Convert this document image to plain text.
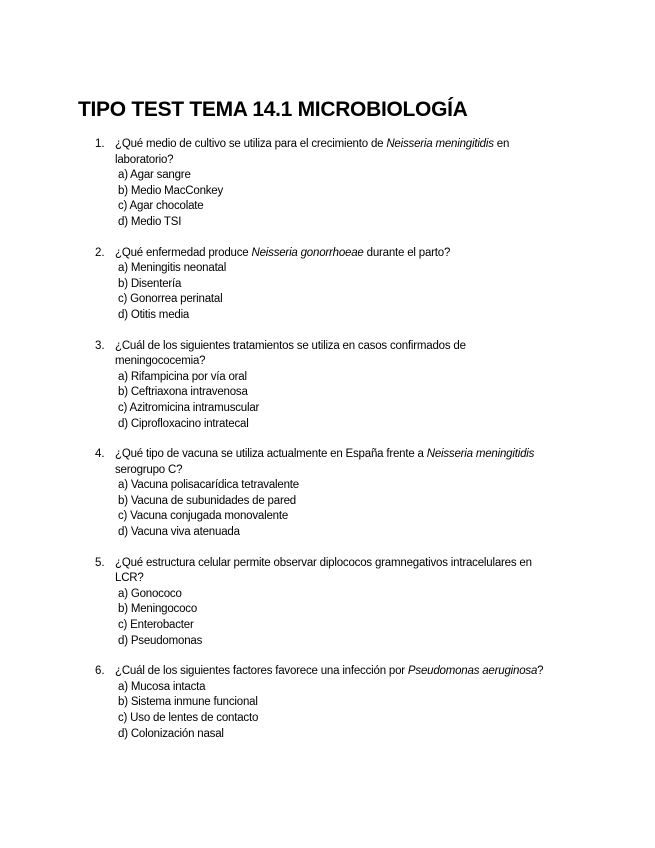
TIPO TEST TEMA 14.1 MICROBIOLOGÍA
1. ¿Qué medio de cultivo se utiliza para el crecimiento de Neisseria meningitidis en laboratorio?
a) Agar sangre
b) Medio MacConkey
c) Agar chocolate
d) Medio TSI
2. ¿Qué enfermedad produce Neisseria gonorrhoeae durante el parto?
a) Meningitis neonatal
b) Disentería
c) Gonorrea perinatal
d) Otitis media
3. ¿Cuál de los siguientes tratamientos se utiliza en casos confirmados de meningococemia?
a) Rifampicina por vía oral
b) Ceftriaxona intravenosa
c) Azitromicina intramuscular
d) Ciprofloxacino intratecal
4. ¿Qué tipo de vacuna se utiliza actualmente en España frente a Neisseria meningitidis serogrupo C?
a) Vacuna polisacarídica tetravalente
b) Vacuna de subunidades de pared
c) Vacuna conjugada monovalente
d) Vacuna viva atenuada
5. ¿Qué estructura celular permite observar diplococos gramnegativos intracelulares en LCR?
a) Gonococo
b) Meningococo
c) Enterobacter
d) Pseudomonas
6. ¿Cuál de los siguientes factores favorece una infección por Pseudomonas aeruginosa?
a) Mucosa intacta
b) Sistema inmune funcional
c) Uso de lentes de contacto
d) Colonización nasal
